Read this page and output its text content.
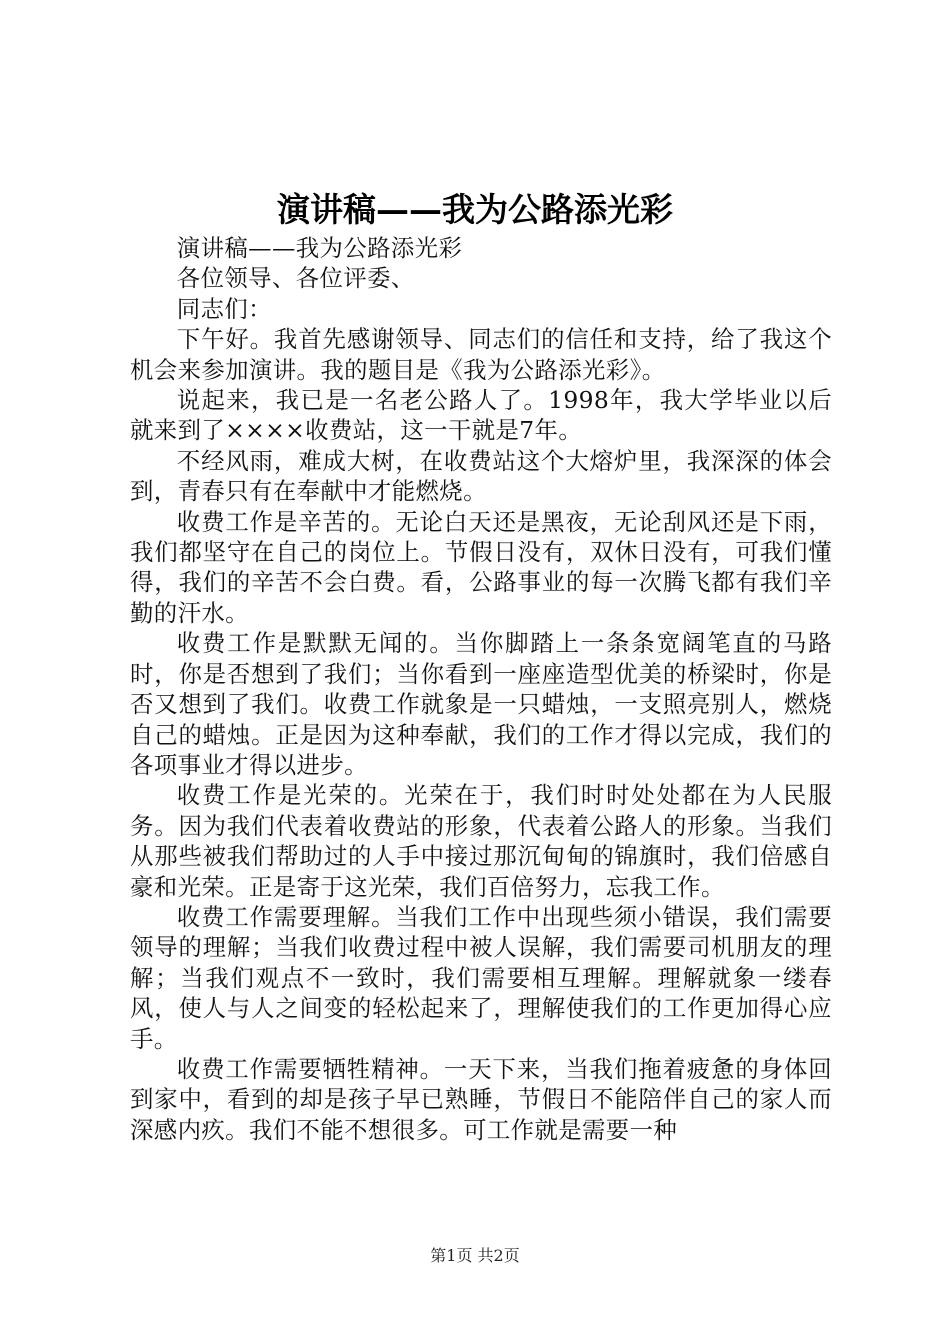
演讲稿——我为公路添光彩

演讲稿——我为公路添光彩

各位领导、各位评委、

同志们：

下午好。我首先感谢领导、同志们的信任和支持，给了我这个机会来参加演讲。我的题目是《我为公路添光彩》。

说起来，我已是一名老公路人了。1998年，我大学毕业以后就来到了××××收费站，这一干就是7年。

不经风雨，难成大树，在收费站这个大熔炉里，我深深的体会到，青春只有在奉献中才能燃烧。

收费工作是辛苦的。无论白天还是黑夜，无论刮风还是下雨，我们都坚守在自己的岗位上。节假日没有，双休日没有，可我们懂得，我们的辛苦不会白费。看，公路事业的每一次腾飞都有我们辛勤的汗水。

收费工作是默默无闻的。当你脚踏上一条条宽阔笔直的马路时，你是否想到了我们；当你看到一座座造型优美的桥梁时，你是否又想到了我们。收费工作就象是一只蜡烛，一支照亮别人，燃烧自己的蜡烛。正是因为这种奉献，我们的工作才得以完成，我们的各项事业才得以进步。

收费工作是光荣的。光荣在于，我们时时处处都在为人民服务。因为我们代表着收费站的形象，代表着公路人的形象。当我们从那些被我们帮助过的人手中接过那沉甸甸的锦旗时，我们倍感自豪和光荣。正是寄于这光荣，我们百倍努力，忘我工作。

收费工作需要理解。当我们工作中出现些须小错误，我们需要领导的理解；当我们收费过程中被人误解，我们需要司机朋友的理解；当我们观点不一致时，我们需要相互理解。理解就象一缕春风，使人与人之间变的轻松起来了，理解使我们的工作更加得心应手。

收费工作需要牺牲精神。一天下来，当我们拖着疲惫的身体回到家中，看到的却是孩子早已熟睡，节假日不能陪伴自己的家人而深感内疚。我们不能不想很多。可工作就是需要一种

第1页 共2页
